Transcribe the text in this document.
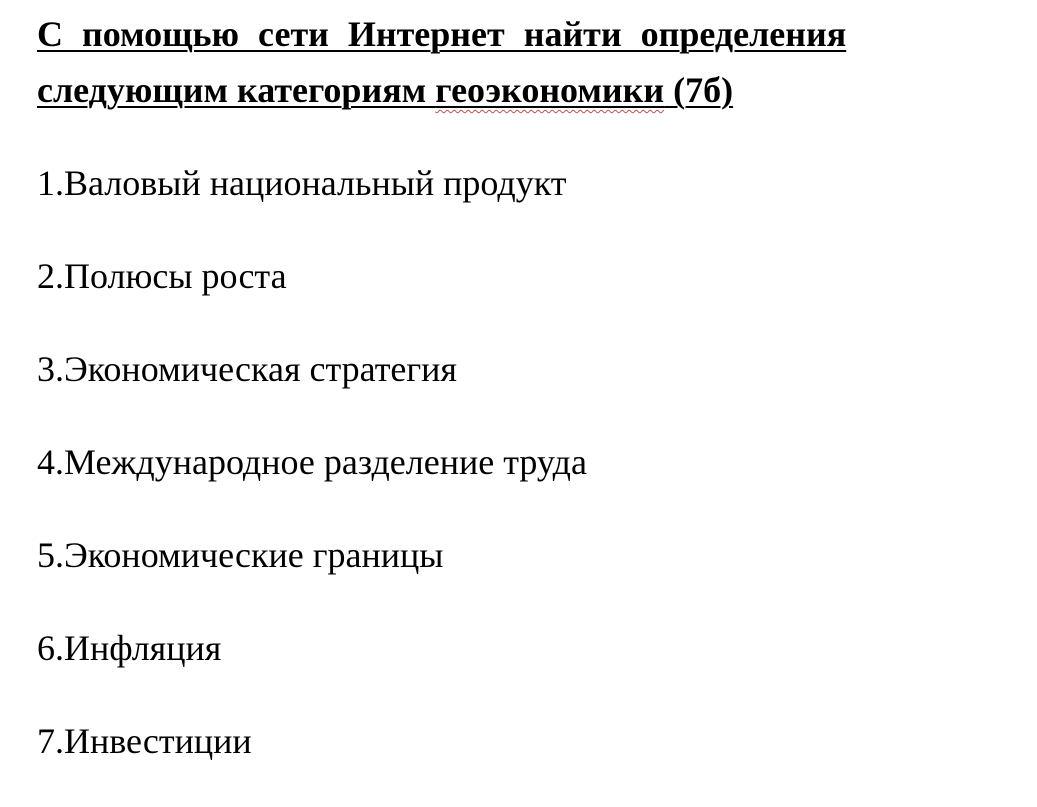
С помощью сети Интернет найти определения
следующим категориям геоэкономики (7б)
1.Валовый национальный продукт
2.Полюсы роста
3.Экономическая стратегия
4.Международное разделение труда
5.Экономические границы
6.Инфляция
7.Инвестиции
